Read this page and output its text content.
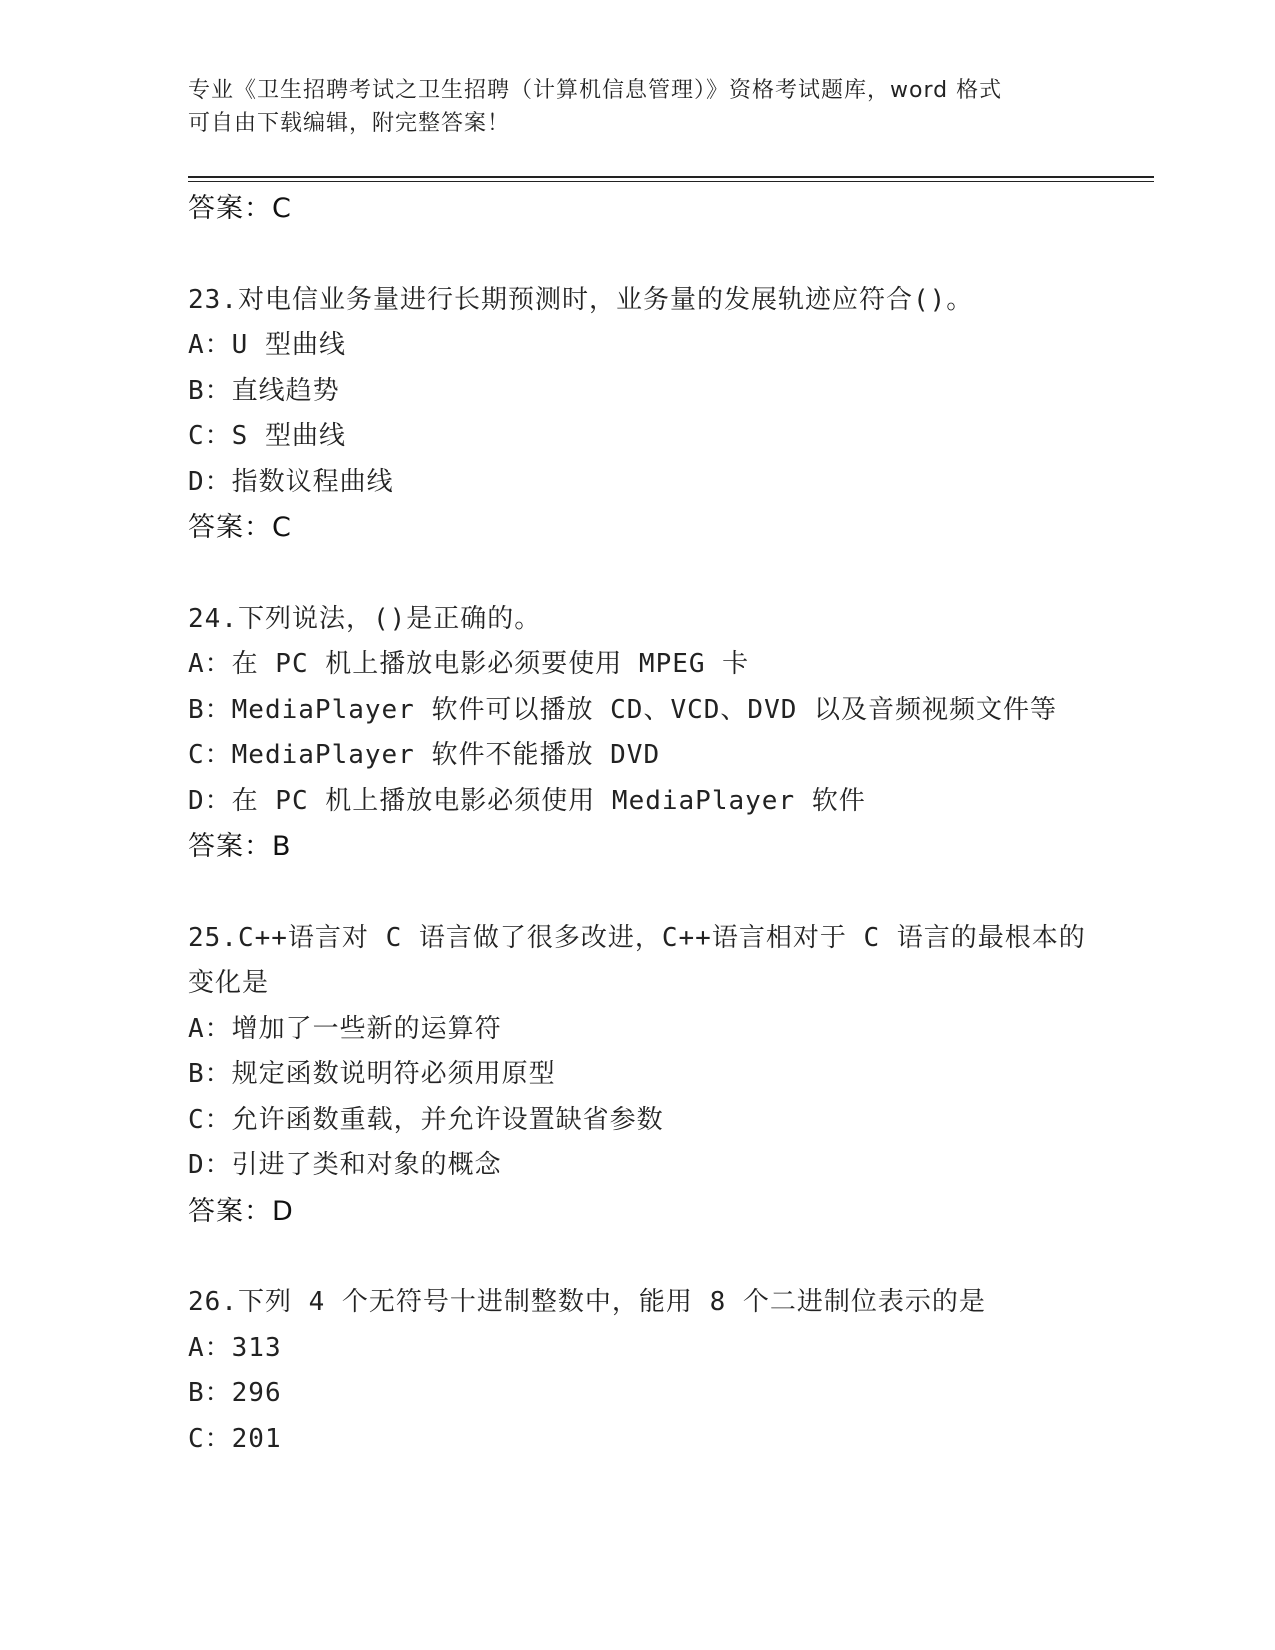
专业《卫生招聘考试之卫生招聘（计算机信息管理）》资格考试题库，word 格式
可自由下载编辑，附完整答案！
答案：C
23.对电信业务量进行长期预测时，业务量的发展轨迹应符合()。
A：U 型曲线
B：直线趋势
C：S 型曲线
D：指数议程曲线
答案：C
24.下列说法，()是正确的。
A：在 PC 机上播放电影必须要使用 MPEG 卡
B：MediaPlayer 软件可以播放 CD、VCD、DVD 以及音频视频文件等
C：MediaPlayer 软件不能播放 DVD
D：在 PC 机上播放电影必须使用 MediaPlayer 软件
答案：B
25.C++语言对 C 语言做了很多改进，C++语言相对于 C 语言的最根本的
变化是
A：增加了一些新的运算符
B：规定函数说明符必须用原型
C：允许函数重载，并允许设置缺省参数
D：引进了类和对象的概念
答案：D
26.下列 4 个无符号十进制整数中，能用 8 个二进制位表示的是
A：313
B：296
C：201
